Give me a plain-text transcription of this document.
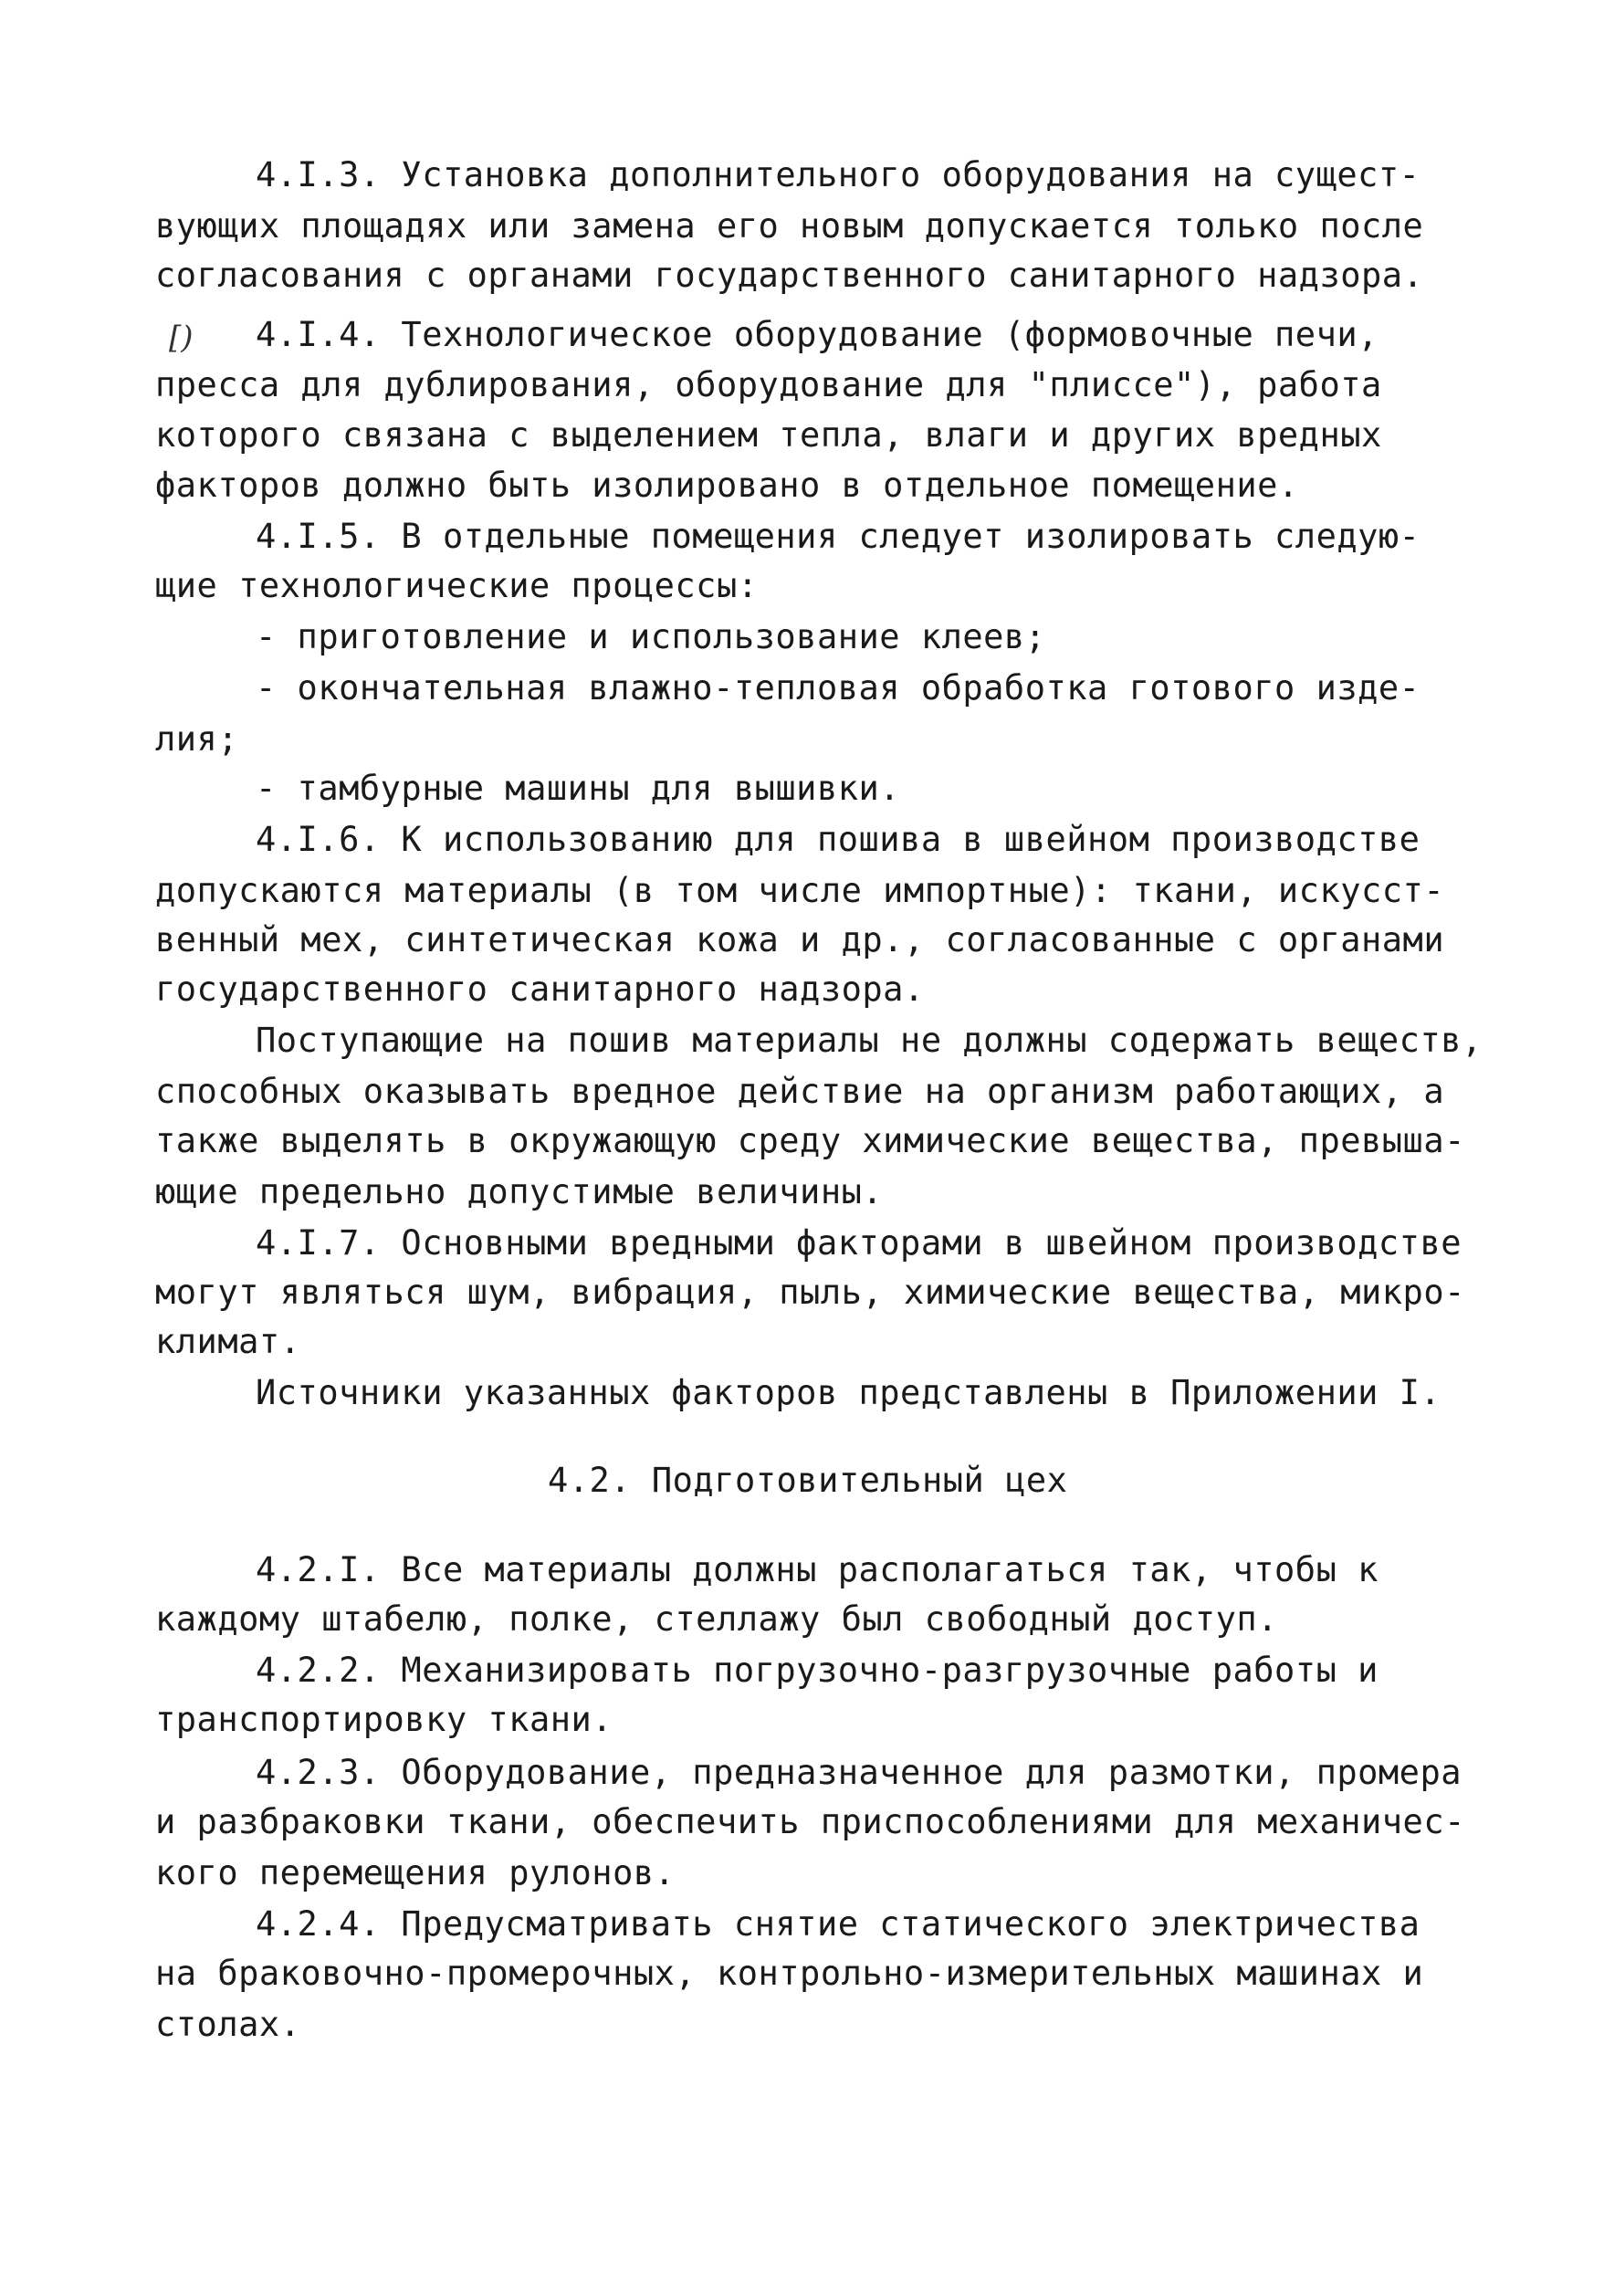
[)
4.I.3. Установка дополнительного оборудования на сущест-
вующих площадях или замена его новым допускается только после
согласования с органами государственного санитарного надзора.
4.I.4. Технологическое оборудование (формовочные печи,
пресса для дублирования, оборудование для "плиссе"), работа
которого связана с выделением тепла, влаги и других вредных
факторов должно быть изолировано в отдельное помещение.
4.I.5. В отдельные помещения следует изолировать следую-
щие технологические процессы:
- приготовление и использование клеев;
- окончательная влажно-тепловая обработка готового изде-
лия;
- тамбурные машины для вышивки.
4.I.6. К использованию для пошива в швейном производстве
допускаются материалы (в том числе импортные): ткани, искусст-
венный мех, синтетическая кожа и др., согласованные с органами
государственного санитарного надзора.
Поступающие на пошив материалы не должны содержать веществ,
способных оказывать вредное действие на организм работающих, а
также выделять в окружающую среду химические вещества, превыша-
ющие предельно допустимые величины.
4.I.7. Основными вредными факторами в швейном производстве
могут являться шум, вибрация, пыль, химические вещества, микро-
климат.
Источники указанных факторов представлены в Приложении I.
4.2. Подготовительный цех
4.2.I. Все материалы должны располагаться так, чтобы к
каждому штабелю, полке, стеллажу был свободный доступ.
4.2.2. Механизировать погрузочно-разгрузочные работы и
транспортировку ткани.
4.2.3. Оборудование, предназначенное для размотки, промера
и разбраковки ткани, обеспечить приспособлениями для механичес-
кого перемещения рулонов.
4.2.4. Предусматривать снятие статического электричества
на браковочно-промерочных, контрольно-измерительных машинах и
столах.
